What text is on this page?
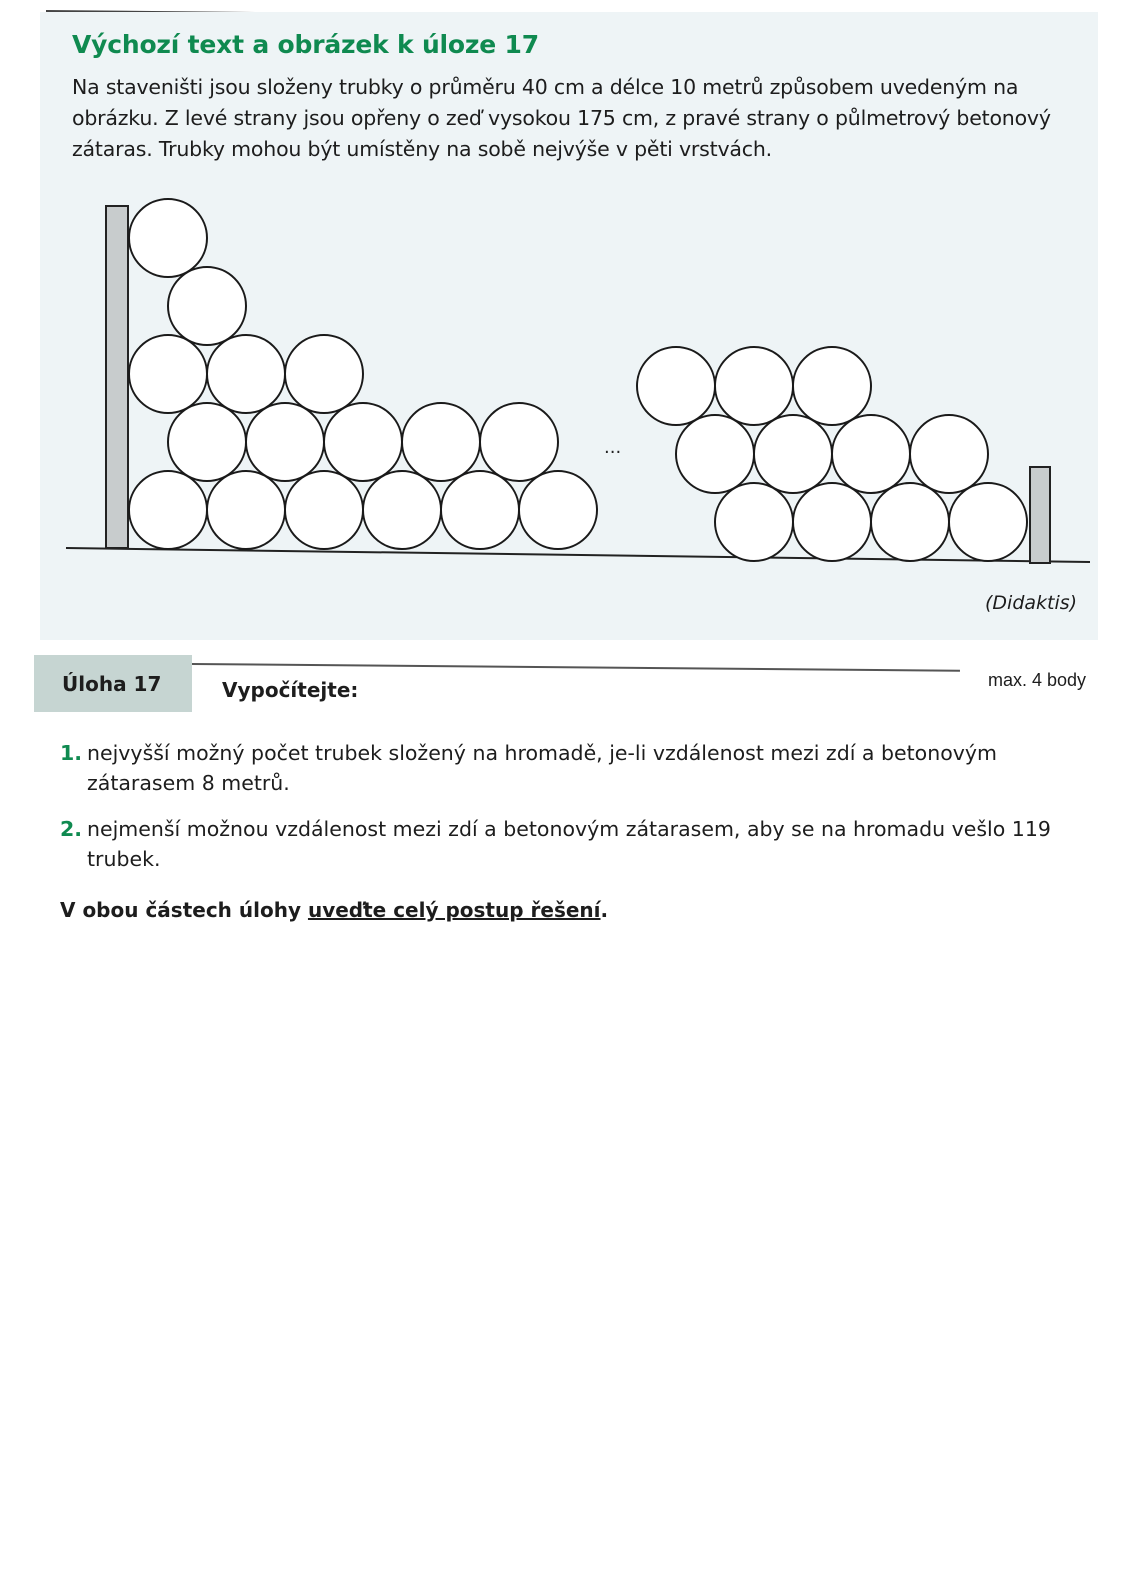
Výchozí text a obrázek k úloze 17

Na staveništi jsou složeny trubky o průměru 40 cm a délce 10 metrů způsobem uvedeným na obrázku. Z levé strany jsou opřeny o zeď vysokou 175 cm, z pravé strany o půlmetrový betonový zátaras. Trubky mohou být umístěny na sobě nejvýše v pěti vrstvách.

...
(Didaktis)
Úloha 17	Vypočítejte:	max. 4 body

1. nejvyšší možný počet trubek složený na hromadě, je-li vzdálenost mezi zdí a betonovým zátarasem 8 metrů.

2. nejmenší možnou vzdálenost mezi zdí a betonovým zátarasem, aby se na hromadu vešlo 119 trubek.

V obou částech úlohy uveďte celý postup řešení.
